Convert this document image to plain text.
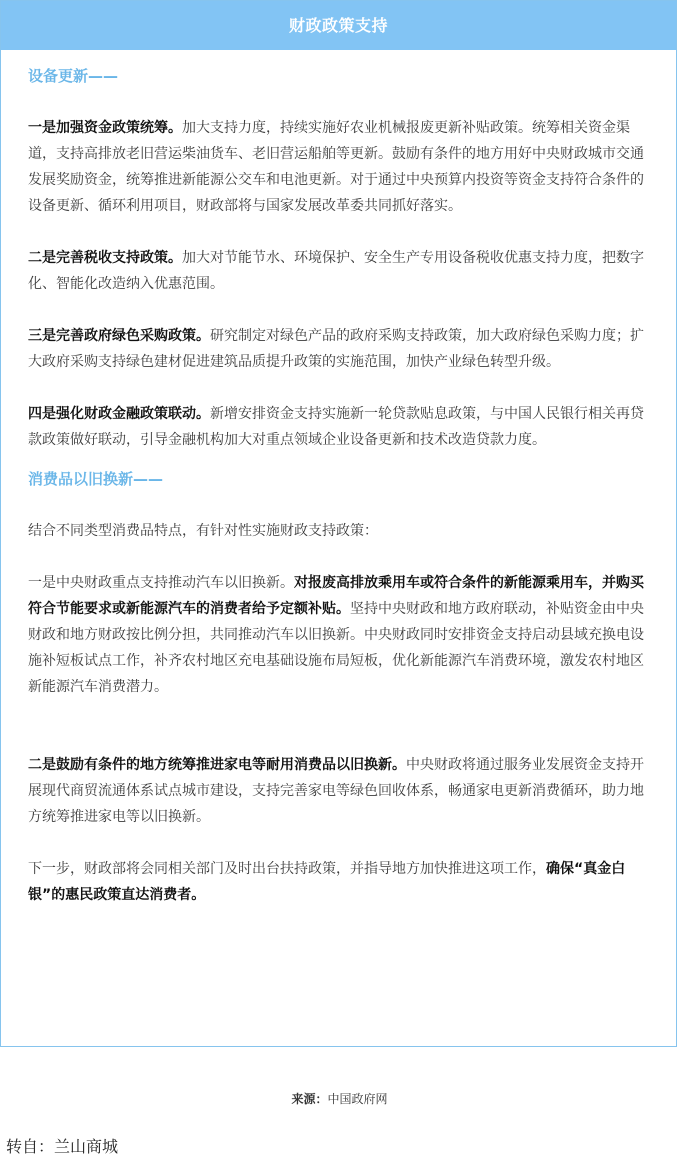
财政政策支持

设备更新——

一是加强资金政策统筹。加大支持力度，持续实施好农业机械报废更新补贴政策。统筹相关资金渠道，支持高排放老旧营运柴油货车、老旧营运船舶等更新。鼓励有条件的地方用好中央财政城市交通发展奖励资金，统筹推进新能源公交车和电池更新。对于通过中央预算内投资等资金支持符合条件的设备更新、循环利用项目，财政部将与国家发展改革委共同抓好落实。

二是完善税收支持政策。加大对节能节水、环境保护、安全生产专用设备税收优惠支持力度，把数字化、智能化改造纳入优惠范围。

三是完善政府绿色采购政策。研究制定对绿色产品的政府采购支持政策，加大政府绿色采购力度；扩大政府采购支持绿色建材促进建筑品质提升政策的实施范围，加快产业绿色转型升级。

四是强化财政金融政策联动。新增安排资金支持实施新一轮贷款贴息政策，与中国人民银行相关再贷款政策做好联动，引导金融机构加大对重点领域企业设备更新和技术改造贷款力度。

消费品以旧换新——

结合不同类型消费品特点，有针对性实施财政支持政策：

一是中央财政重点支持推动汽车以旧换新。对报废高排放乘用车或符合条件的新能源乘用车，并购买符合节能要求或新能源汽车的消费者给予定额补贴。坚持中央财政和地方政府联动，补贴资金由中央财政和地方财政按比例分担，共同推动汽车以旧换新。中央财政同时安排资金支持启动县域充换电设施补短板试点工作，补齐农村地区充电基础设施布局短板，优化新能源汽车消费环境，激发农村地区新能源汽车消费潜力。

二是鼓励有条件的地方统筹推进家电等耐用消费品以旧换新。中央财政将通过服务业发展资金支持开展现代商贸流通体系试点城市建设，支持完善家电等绿色回收体系，畅通家电更新消费循环，助力地方统筹推进家电等以旧换新。

下一步，财政部将会同相关部门及时出台扶持政策，并指导地方加快推进这项工作，确保“真金白银”的惠民政策直达消费者。

来源：中国政府网
转自：兰山商城
